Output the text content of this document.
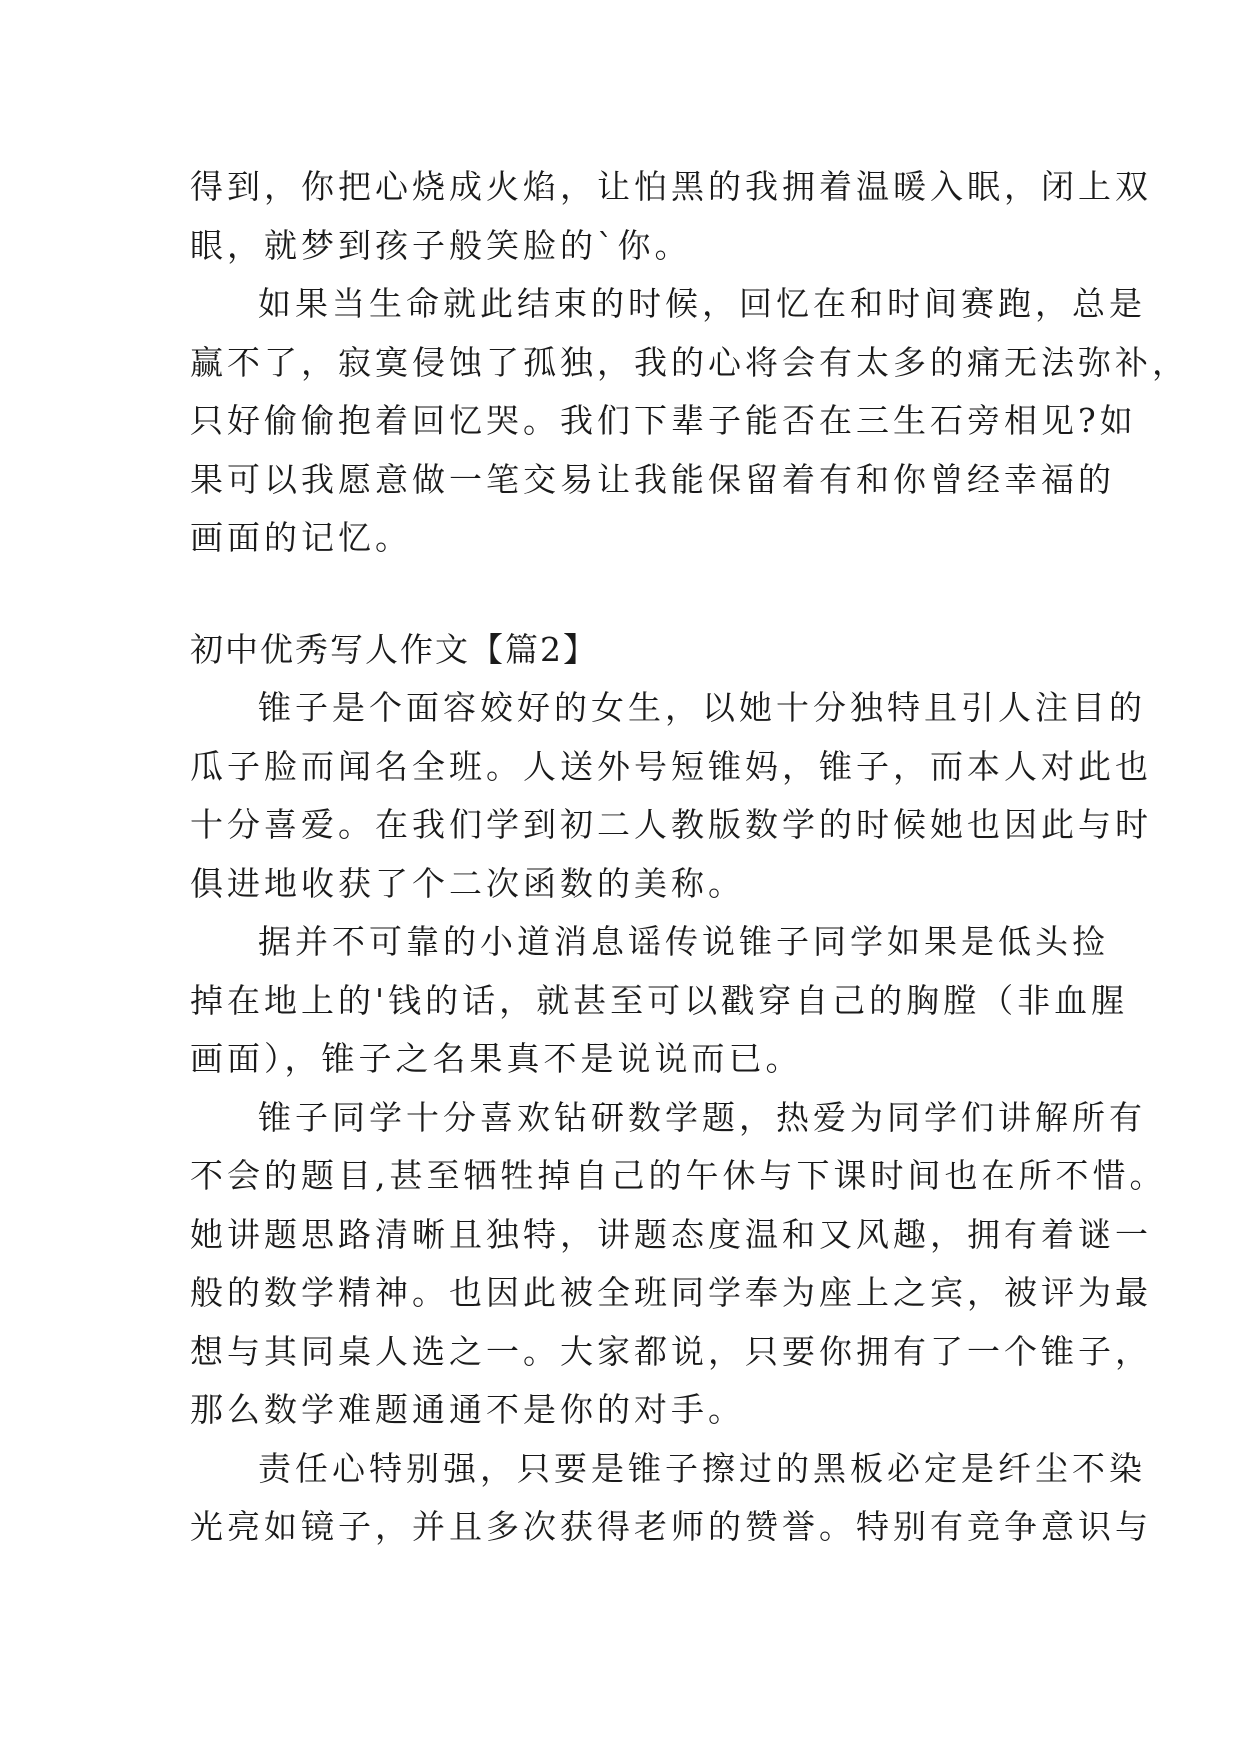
得到，你把心烧成火焰，让怕黑的我拥着温暖入眠，闭上双
眼，就梦到孩子般笑脸的`你。
如果当生命就此结束的时候，回忆在和时间赛跑，总是
赢不了，寂寞侵蚀了孤独，我的心将会有太多的痛无法弥补，
只好偷偷抱着回忆哭。我们下辈子能否在三生石旁相见?如
果可以我愿意做一笔交易让我能保留着有和你曾经幸福的
画面的记忆。
初中优秀写人作文【篇2】
锥子是个面容姣好的女生，以她十分独特且引人注目的
瓜子脸而闻名全班。人送外号短锥妈，锥子，而本人对此也
十分喜爱。在我们学到初二人教版数学的时候她也因此与时
俱进地收获了个二次函数的美称。
据并不可靠的小道消息谣传说锥子同学如果是低头捡
掉在地上的'钱的话，就甚至可以戳穿自己的胸膛（非血腥
画面），锥子之名果真不是说说而已。
锥子同学十分喜欢钻研数学题，热爱为同学们讲解所有
不会的题目,甚至牺牲掉自己的午休与下课时间也在所不惜。
她讲题思路清晰且独特，讲题态度温和又风趣，拥有着谜一
般的数学精神。也因此被全班同学奉为座上之宾，被评为最
想与其同桌人选之一。大家都说，只要你拥有了一个锥子，
那么数学难题通通不是你的对手。
责任心特别强，只要是锥子擦过的黑板必定是纤尘不染
光亮如镜子，并且多次获得老师的赞誉。特别有竞争意识与
